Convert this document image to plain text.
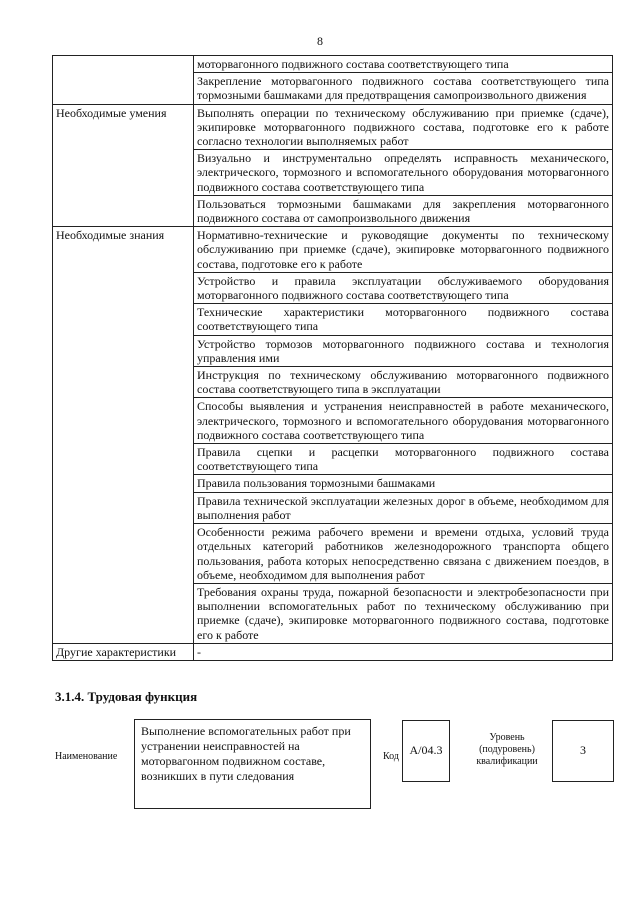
8
	моторвагонного подвижного состава соответствующего типа
	Закрепление моторвагонного подвижного состава соответствующего типа тормозными башмаками для предотвращения самопроизвольного движения
Необходимые умения	Выполнять операции по техническому обслуживанию при приемке (сдаче), экипировке моторвагонного подвижного состава, подготовке его к работе согласно технологии выполняемых работ
	Визуально и инструментально определять исправность механического, электрического, тормозного и вспомогательного оборудования моторвагонного подвижного состава соответствующего типа
	Пользоваться тормозными башмаками для закрепления моторвагонного подвижного состава от самопроизвольного движения
Необходимые знания	Нормативно-технические и руководящие документы по техническому обслуживанию при приемке (сдаче), экипировке моторвагонного подвижного состава, подготовке его к работе
	Устройство и правила эксплуатации обслуживаемого оборудования моторвагонного подвижного состава соответствующего типа
	Технические характеристики моторвагонного подвижного состава соответствующего типа
	Устройство тормозов моторвагонного подвижного состава и технология управления ими
	Инструкция по техническому обслуживанию моторвагонного подвижного состава соответствующего типа в эксплуатации
	Способы выявления и устранения неисправностей в работе механического, электрического, тормозного и вспомогательного оборудования моторвагонного подвижного состава соответствующего типа
	Правила сцепки и расцепки моторвагонного подвижного состава соответствующего типа
	Правила пользования тормозными башмаками
	Правила технической эксплуатации железных дорог в объеме, необходимом для выполнения работ
	Особенности режима рабочего времени и времени отдыха, условий труда отдельных категорий работников железнодорожного транспорта общего пользования, работа которых непосредственно связана с движением поездов, в объеме, необходимом для выполнения работ
	Требования охраны труда, пожарной безопасности и электробезопасности при выполнении вспомогательных работ по техническому обслуживанию при приемке (сдаче), экипировке моторвагонного подвижного состава, подготовке его к работе
Другие характеристики	-
3.1.4. Трудовая функция
Наименование
Выполнение вспомогательных работ при устранении неисправностей на моторвагонном подвижном составе, возникших в пути следования
Код A/04.3
Уровень
(подуровень)
квалификации
3
